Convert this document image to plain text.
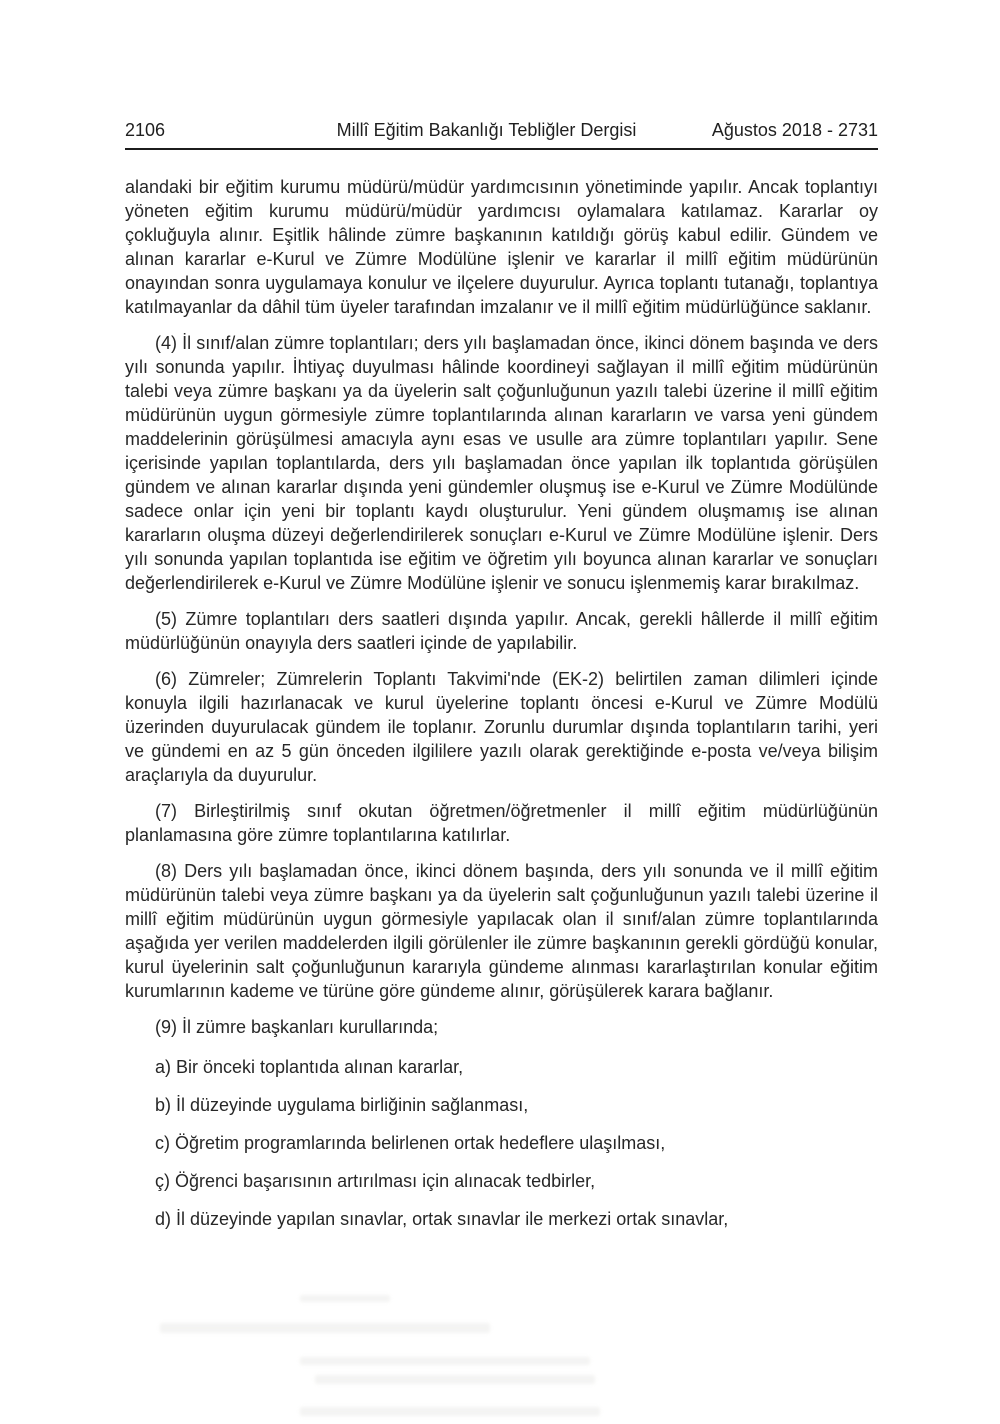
2106	Millî Eğitim Bakanlığı Tebliğler Dergisi	Ağustos 2018 - 2731

alandaki bir eğitim kurumu müdürü/müdür yardımcısının yönetiminde yapılır. Ancak toplantıyı yöneten eğitim kurumu müdürü/müdür yardımcısı oylamalara katılamaz. Kararlar oy çokluğuyla alınır. Eşitlik hâlinde zümre başkanının katıldığı görüş kabul edilir. Gündem ve alınan kararlar e-Kurul ve Zümre Modülüne işlenir ve kararlar il millî eğitim müdürünün onayından sonra uygulamaya konulur ve ilçelere duyurulur. Ayrıca toplantı tutanağı, toplantıya katılmayanlar da dâhil tüm üyeler tarafından imzalanır ve il millî eğitim müdürlüğünce saklanır.

(4) İl sınıf/alan zümre toplantıları; ders yılı başlamadan önce, ikinci dönem başında ve ders yılı sonunda yapılır. İhtiyaç duyulması hâlinde koordineyi sağlayan il millî eğitim müdürünün talebi veya zümre başkanı ya da üyelerin salt çoğunluğunun yazılı talebi üzerine il millî eğitim müdürünün uygun görmesiyle zümre toplantılarında alınan kararların ve varsa yeni gündem maddelerinin görüşülmesi amacıyla aynı esas ve usulle ara zümre toplantıları yapılır. Sene içerisinde yapılan toplantılarda, ders yılı başlamadan önce yapılan ilk toplantıda görüşülen gündem ve alınan kararlar dışında yeni gündemler oluşmuş ise e-Kurul ve Zümre Modülünde sadece onlar için yeni bir toplantı kaydı oluşturulur. Yeni gündem oluşmamış ise alınan kararların oluşma düzeyi değerlendirilerek sonuçları e-Kurul ve Zümre Modülüne işlenir. Ders yılı sonunda yapılan toplantıda ise eğitim ve öğretim yılı boyunca alınan kararlar ve sonuçları değerlendirilerek e-Kurul ve Zümre Modülüne işlenir ve sonucu işlenmemiş karar bırakılmaz.

(5) Zümre toplantıları ders saatleri dışında yapılır. Ancak, gerekli hâllerde il millî eğitim müdürlüğünün onayıyla ders saatleri içinde de yapılabilir.

(6) Zümreler; Zümrelerin Toplantı Takvimi'nde (EK-2) belirtilen zaman dilimleri içinde konuyla ilgili hazırlanacak ve kurul üyelerine toplantı öncesi e-Kurul ve Zümre Modülü üzerinden duyurulacak gündem ile toplanır. Zorunlu durumlar dışında toplantıların tarihi, yeri ve gündemi en az 5 gün önceden ilgililere yazılı olarak gerektiğinde e-posta ve/veya bilişim araçlarıyla da duyurulur.

(7) Birleştirilmiş sınıf okutan öğretmen/öğretmenler il millî eğitim müdürlüğünün planlamasına göre zümre toplantılarına katılırlar.

(8) Ders yılı başlamadan önce, ikinci dönem başında, ders yılı sonunda ve il millî eğitim müdürünün talebi veya zümre başkanı ya da üyelerin salt çoğunluğunun yazılı talebi üzerine il millî eğitim müdürünün uygun görmesiyle yapılacak olan il sınıf/alan zümre toplantılarında aşağıda yer verilen maddelerden ilgili görülenler ile zümre başkanının gerekli gördüğü konular, kurul üyelerinin salt çoğunluğunun kararıyla gündeme alınması kararlaştırılan konular eğitim kurumlarının kademe ve türüne göre gündeme alınır, görüşülerek karara bağlanır.

(9) İl zümre başkanları kurullarında;

a) Bir önceki toplantıda alınan kararlar,

b) İl düzeyinde uygulama birliğinin sağlanması,

c) Öğretim programlarında belirlenen ortak hedeflere ulaşılması,

ç) Öğrenci başarısının artırılması için alınacak tedbirler,

d) İl düzeyinde yapılan sınavlar, ortak sınavlar ile merkezi ortak sınavlar,
